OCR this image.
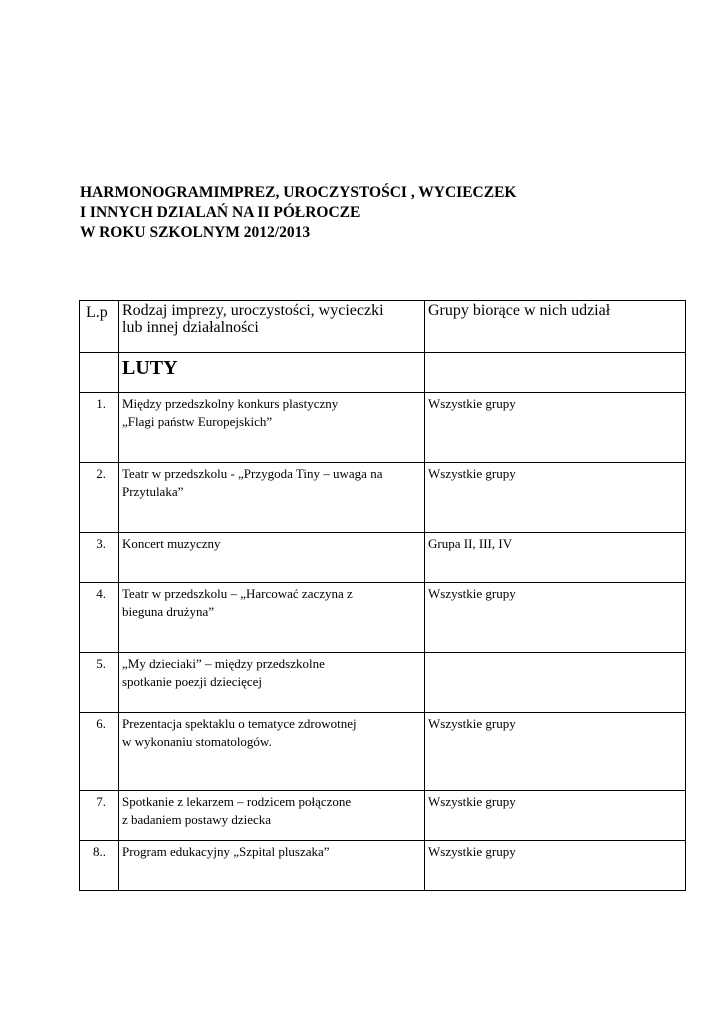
HARMONOGRAMIMPREZ, UROCZYSTOŚCI , WYCIECZEK
I INNYCH DZIALAŃ NA II PÓŁROCZE
W ROKU SZKOLNYM 2012/2013
L.p	Rodzaj imprezy, uroczystości, wycieczki
lub innej działalności	Grupy biorące w nich udział

	LUTY	

1.	Między przedszkolny konkurs plastyczny
„Flagi państw Europejskich”	Wszystkie grupy
2.	Teatr w przedszkolu - „Przygoda Tiny – uwaga na
Przytulaka”	Wszystkie grupy
3.	Koncert muzyczny	Grupa II, III, IV
4.	Teatr w przedszkolu – „Harcować zaczyna z
bieguna drużyna”	Wszystkie grupy
5.	„My dzieciaki” – między przedszkolne
spotkanie poezji dziecięcej	

6.	Prezentacja spektaklu o tematyce zdrowotnej
w wykonaniu stomatologów.	Wszystkie grupy
7.	Spotkanie z lekarzem – rodzicem połączone
z badaniem postawy dziecka	Wszystkie grupy
8..	Program edukacyjny „Szpital pluszaka”	Wszystkie grupy
